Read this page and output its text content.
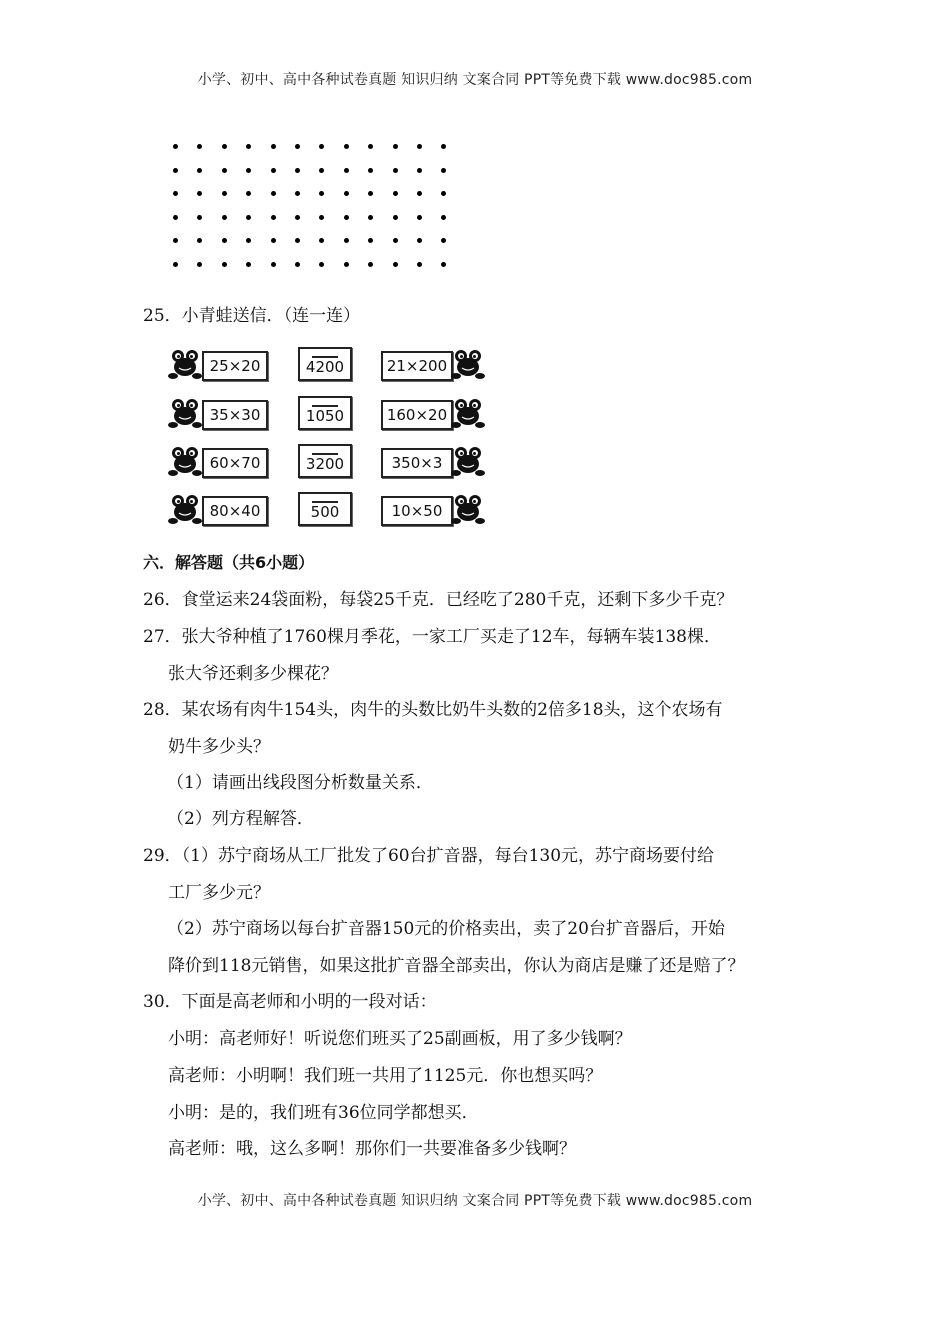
小学、初中、高中各种试卷真题 知识归纳 文案合同 PPT等免费下载 www.doc985.com
25．小青蛙送信．（连一连）
25×20	4200	21×200
35×30	1050	160×20
60×70	3200	350×3
80×40	500	10×50
六．解答题（共6小题）
26．食堂运来24袋面粉，每袋25千克．已经吃了280千克，还剩下多少千克？
27．张大爷种植了1760棵月季花，一家工厂买走了12车，每辆车装138棵．
张大爷还剩多少棵花？
28．某农场有肉牛154头，肉牛的头数比奶牛头数的2倍多18头，这个农场有
奶牛多少头？
（1）请画出线段图分析数量关系．
（2）列方程解答．
29．（1）苏宁商场从工厂批发了60台扩音器，每台130元，苏宁商场要付给
工厂多少元？
（2）苏宁商场以每台扩音器150元的价格卖出，卖了20台扩音器后，开始
降价到118元销售，如果这批扩音器全部卖出，你认为商店是赚了还是赔了？
30．下面是高老师和小明的一段对话：
小明：高老师好！听说您们班买了25副画板，用了多少钱啊？
高老师：小明啊！我们班一共用了1125元．你也想买吗？
小明：是的，我们班有36位同学都想买．
高老师：哦，这么多啊！那你们一共要准备多少钱啊？
小学、初中、高中各种试卷真题 知识归纳 文案合同 PPT等免费下载 www.doc985.com
